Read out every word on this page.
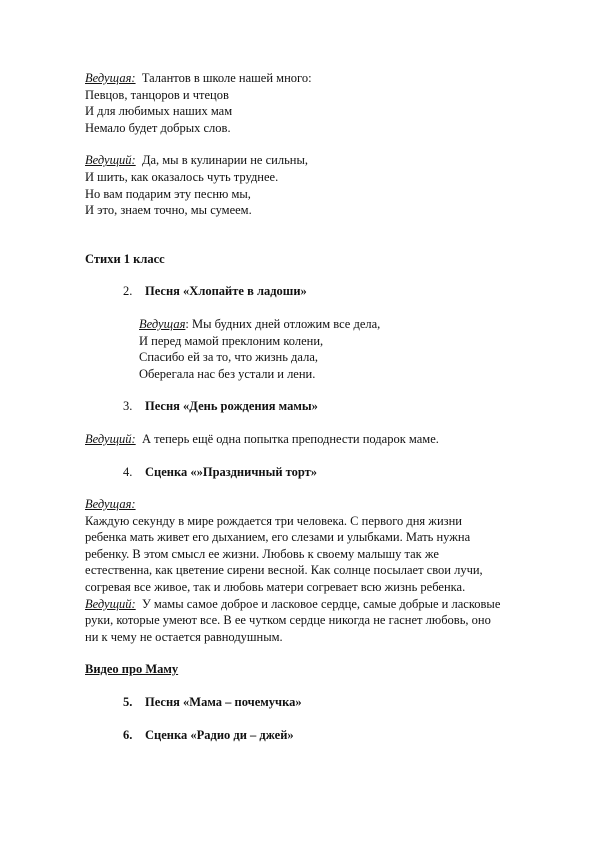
Ведущая: Талантов в школе нашей много:
Певцов, танцоров и чтецов
И для любимых наших мам
Немало будет добрых слов.
Ведущий: Да, мы в кулинарии не сильны,
И шить, как оказалось чуть труднее.
Но вам подарим эту песню мы,
И это, знаем точно, мы сумеем.
Стихи 1 класс
2.	Песня «Хлопайте в ладоши»
Ведущая: Мы будних дней отложим все дела,
И перед мамой преклоним колени,
Спасибо ей за то, что жизнь дала,
Оберегала нас без устали и лени.
3.	Песня «День рождения мамы»
Ведущий: А теперь ещё одна попытка преподнести подарок маме.
4.	Сценка «»Праздничный торт»
Ведущая:
Каждую секунду в мире рождается три человека. С первого дня жизни
ребенка мать живет его дыханием, его слезами и улыбками. Мать нужна
ребенку. В этом смысл ее жизни. Любовь к своему малышу так же
естественна, как цветение сирени весной. Как солнце посылает свои лучи,
согревая все живое, так и любовь матери согревает всю жизнь ребенка.
Ведущий: У мамы самое доброе и ласковое сердце, самые добрые и ласковые
руки, которые умеют все. В ее чутком сердце никогда не гаснет любовь, оно
ни к чему не остается равнодушным.
Видео про Маму
5.	Песня «Мама – почемучка»
6.	Сценка «Радио ди – джей»
